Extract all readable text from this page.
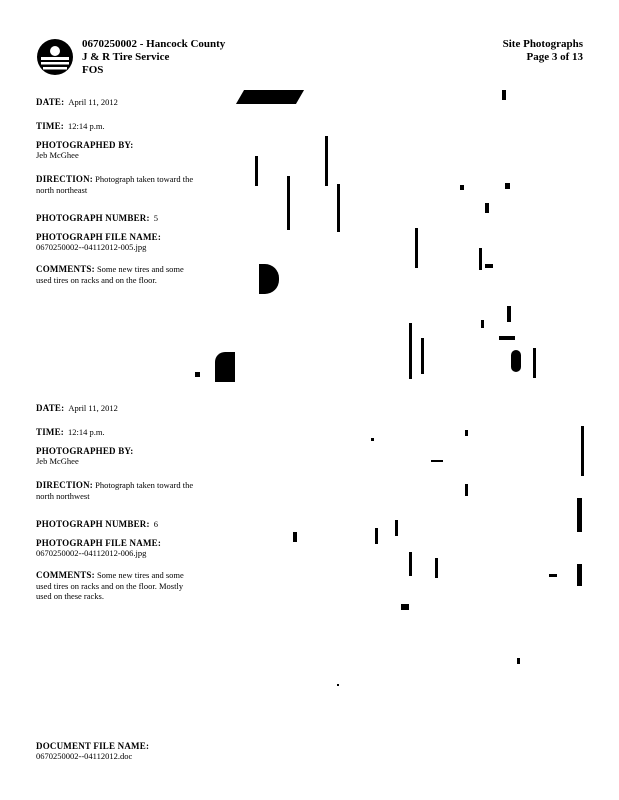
0670250002 - Hancock County
J & R Tire Service
FOS
Site Photographs
Page 3 of 13
DATE: April 11, 2012
TIME: 12:14 p.m.
PHOTOGRAPHED BY:
Jeb McGhee
DIRECTION: Photograph taken toward the north northeast
PHOTOGRAPH NUMBER: 5
PHOTOGRAPH FILE NAME:
0670250002--04112012-005.jpg
COMMENTS: Some new tires and some used tires on racks and on the floor.
DATE: April 11, 2012
TIME: 12:14 p.m.
PHOTOGRAPHED BY:
Jeb McGhee
DIRECTION: Photograph taken toward the north northwest
PHOTOGRAPH NUMBER: 6
PHOTOGRAPH FILE NAME:
0670250002--04112012-006.jpg
COMMENTS: Some new tires and some used tires on racks and on the floor. Mostly used on these racks.
DOCUMENT FILE NAME:
0670250002--04112012.doc
